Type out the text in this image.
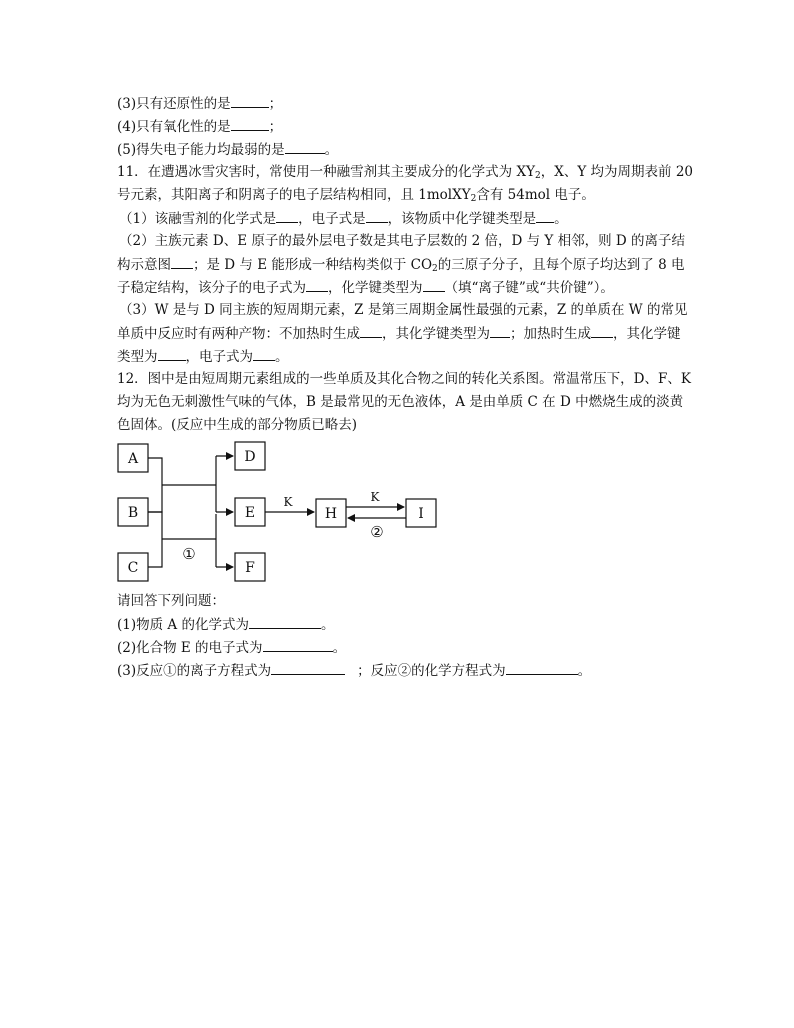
(3)只有还原性的是	；
(4)只有氧化性的是	；
(5)得失电子能力均最弱的是	。
11．在遭遇冰雪灾害时，常使用一种融雪剂其主要成分的化学式为 $XY_2$，X、Y 均为周期表前 20
号元素，其阳离子和阴离子的电子层结构相同，且 1molXY$_2$含有 54mol 电子。
（1）该融雪剂的化学式是 ，电子式是 ，该物质中化学键类型是 。
（2）主族元素 D、E 原子的最外层电子数是其电子层数的 2 倍，D 与 Y 相邻，则 D 的离子结
构示意图 ；是 D 与 E 能形成一种结构类似于 $CO_2$的三原子分子，且每个原子均达到了 8 电
子稳定结构，该分子的电子式为 ，化学键类型为 （填“离子键”或“共价键”）。
（3）W 是与 D 同主族的短周期元素，Z 是第三周期金属性最强的元素，Z 的单质在 W 的常见
单质中反应时有两种产物：不加热时生成 ，其化学键类型为 ；加热时生成 ，其化学键
类型为 ，电子式为 。
12．图中是由短周期元素组成的一些单质及其化合物之间的转化关系图。常温常压下，D、F、K
均为无色无刺激性气味的气体，B 是最常见的无色液体，A 是由单质 C 在 D 中燃烧生成的淡黄
色固体。(反应中生成的部分物质已略去)
A
B
C
D
E
F
H	I
K	K
①
②
请回答下列问题：
(1)物质 A 的化学式为	。
(2)化合物 E 的电子式为	。
(3)反应①的离子方程式为	；反应②的化学方程式为	。
